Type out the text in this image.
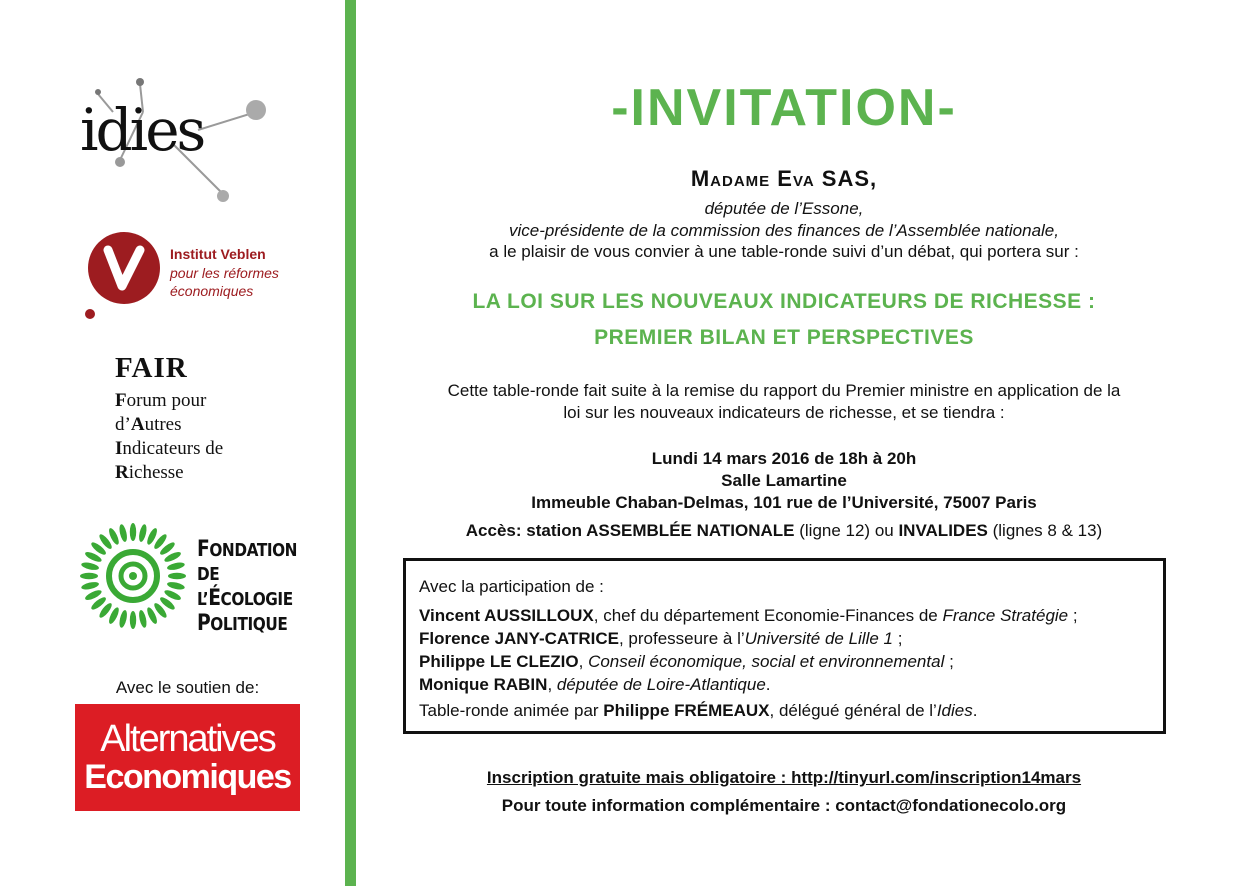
idies
Institut Veblen
pour les réformes
économiques
FAIR
Forum pour
d’Autres
Indicateurs de
Richesse
FONDATION
DE L’ÉCOLOGIE
POLITIQUE
Avec le soutien de:
Alternatives
Economiques
-INVITATION-
Madame Eva SAS,
députée de l’Essone,
vice-présidente de la commission des finances de l’Assemblée nationale,
a le plaisir de vous convier à une table-ronde suivi d’un débat, qui portera sur :
LA LOI SUR LES NOUVEAUX INDICATEURS DE RICHESSE :
PREMIER BILAN ET PERSPECTIVES
Cette table-ronde fait suite à la remise du rapport du Premier ministre en application de la
loi sur les nouveaux indicateurs de richesse, et se tiendra :
Lundi 14 mars 2016 de 18h à 20h
Salle Lamartine
Immeuble Chaban-Delmas, 101 rue de l’Université, 75007 Paris
Accès: station ASSEMBLÉE NATIONALE (ligne 12) ou INVALIDES (lignes 8 & 13)
Avec la participation de :
Vincent AUSSILLOUX, chef du département Economie-Finances de France Stratégie ;
Florence JANY-CATRICE, professeure à l’Université de Lille 1 ;
Philippe LE CLEZIO, Conseil économique, social et environnemental ;
Monique RABIN, députée de Loire-Atlantique.
Table-ronde animée par Philippe FRÉMEAUX, délégué général de l’Idies.
Inscription gratuite mais obligatoire : http://tinyurl.com/inscription14mars
Pour toute information complémentaire : contact@fondationecolo.org
